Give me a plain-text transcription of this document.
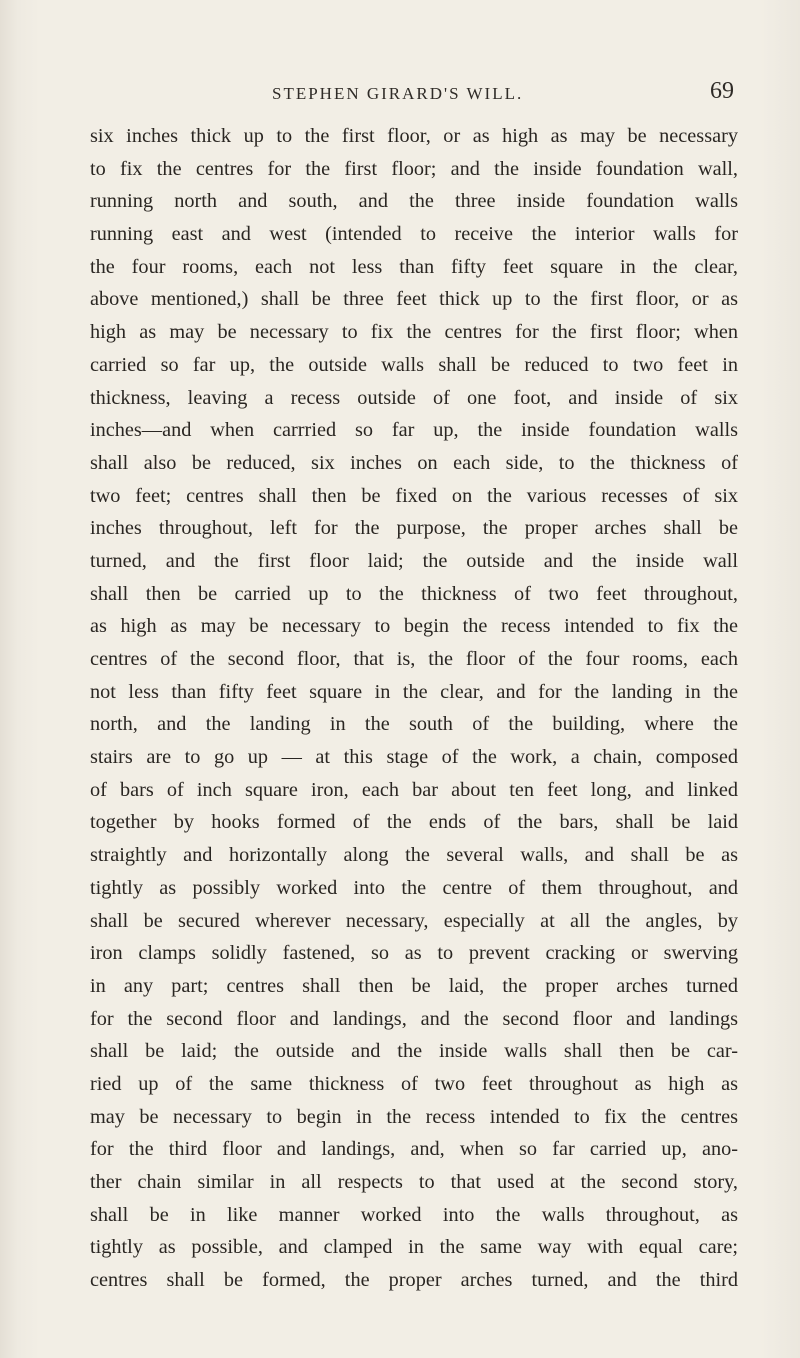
STEPHEN GIRARD'S WILL.	69
six inches thick up to the first floor, or as high as may be necessary
to fix the centres for the first floor; and the inside foundation wall,
running north and south, and the three inside foundation walls
running east and west (intended to receive the interior walls for
the four rooms, each not less than fifty feet square in the clear,
above mentioned,) shall be three feet thick up to the first floor, or as
high as may be necessary to fix the centres for the first floor; when
carried so far up, the outside walls shall be reduced to two feet in
thickness, leaving a recess outside of one foot, and inside of six
inches—and when carrried so far up, the inside foundation walls
shall also be reduced, six inches on each side, to the thickness of
two feet; centres shall then be fixed on the various recesses of six
inches throughout, left for the purpose, the proper arches shall be
turned, and the first floor laid; the outside and the inside wall
shall then be carried up to the thickness of two feet throughout,
as high as may be necessary to begin the recess intended to fix the
centres of the second floor, that is, the floor of the four rooms, each
not less than fifty feet square in the clear, and for the landing in the
north, and the landing in the south of the building, where the
stairs are to go up — at this stage of the work, a chain, composed
of bars of inch square iron, each bar about ten feet long, and linked
together by hooks formed of the ends of the bars, shall be laid
straightly and horizontally along the several walls, and shall be as
tightly as possibly worked into the centre of them throughout, and
shall be secured wherever necessary, especially at all the angles, by
iron clamps solidly fastened, so as to prevent cracking or swerving
in any part; centres shall then be laid, the proper arches turned
for the second floor and landings, and the second floor and landings
shall be laid; the outside and the inside walls shall then be car-
ried up of the same thickness of two feet throughout as high as
may be necessary to begin in the recess intended to fix the centres
for the third floor and landings, and, when so far carried up, ano-
ther chain similar in all respects to that used at the second story,
shall be in like manner worked into the walls throughout, as
tightly as possible, and clamped in the same way with equal care;
centres shall be formed, the proper arches turned, and the third
